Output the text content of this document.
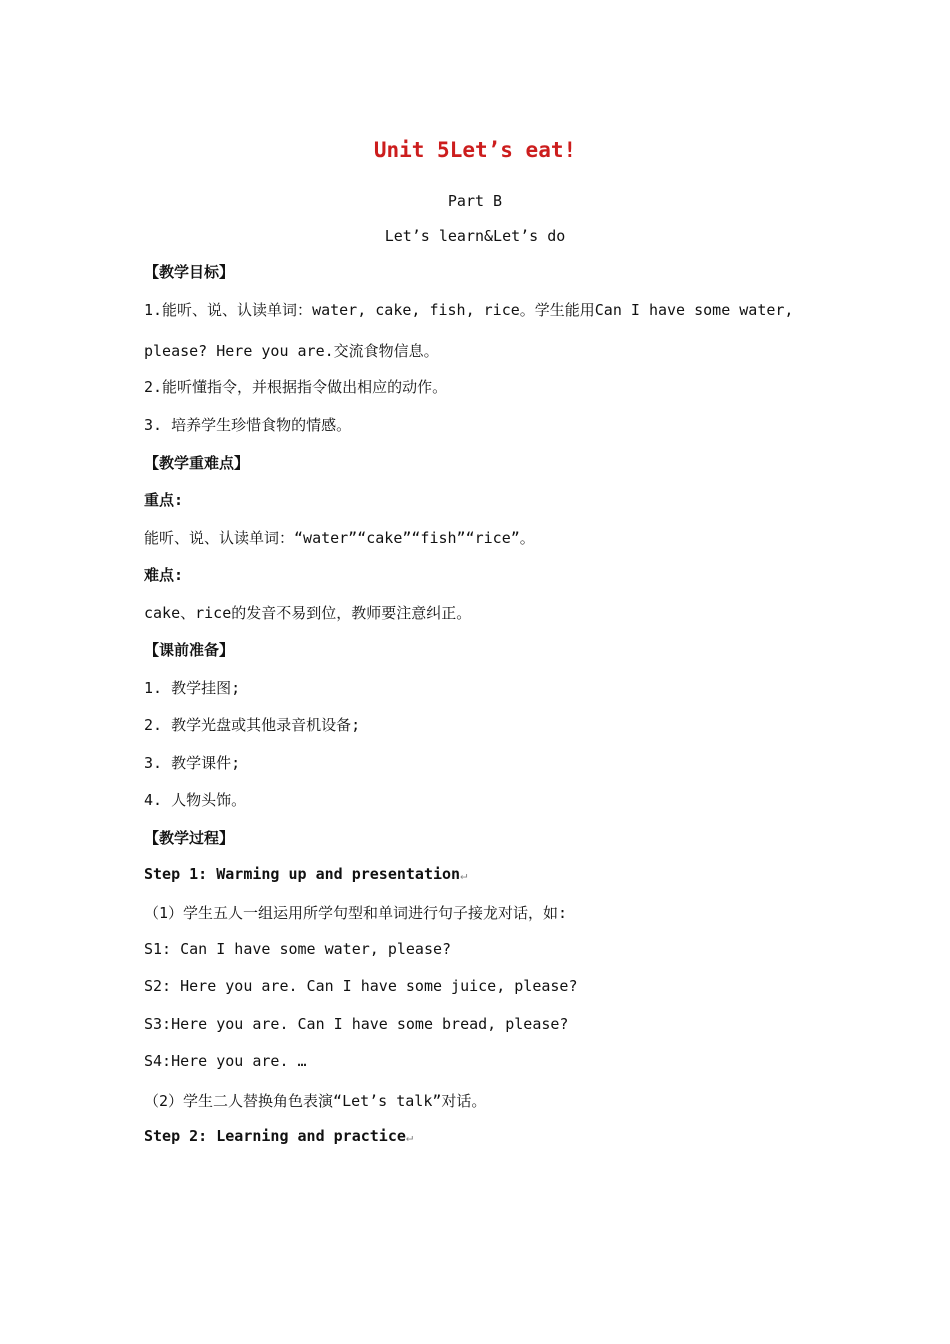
Unit 5Let’s eat!
Part B
Let’s learn&Let’s do
【教学目标】
1.能听、说、认读单词：water, cake, fish, rice。学生能用Can I have some water,
please? Here you are.交流食物信息。
2.能听懂指令，并根据指令做出相应的动作。
3. 培养学生珍惜食物的情感。
【教学重难点】
重点:
能听、说、认读单词：“water”“cake”“fish”“rice”。
难点:
cake、rice的发音不易到位，教师要注意纠正。
【课前准备】
1. 教学挂图;
2. 教学光盘或其他录音机设备;
3. 教学课件;
4. 人物头饰。
【教学过程】
Step 1: Warming up and presentation↵
（1）学生五人一组运用所学句型和单词进行句子接龙对话，如:
S1: Can I have some water, please?
S2: Here you are. Can I have some juice, please?
S3:Here you are. Can I have some bread, please?
S4:Here you are. …
（2）学生二人替换角色表演“Let’s talk”对话。
Step 2: Learning and practice↵
